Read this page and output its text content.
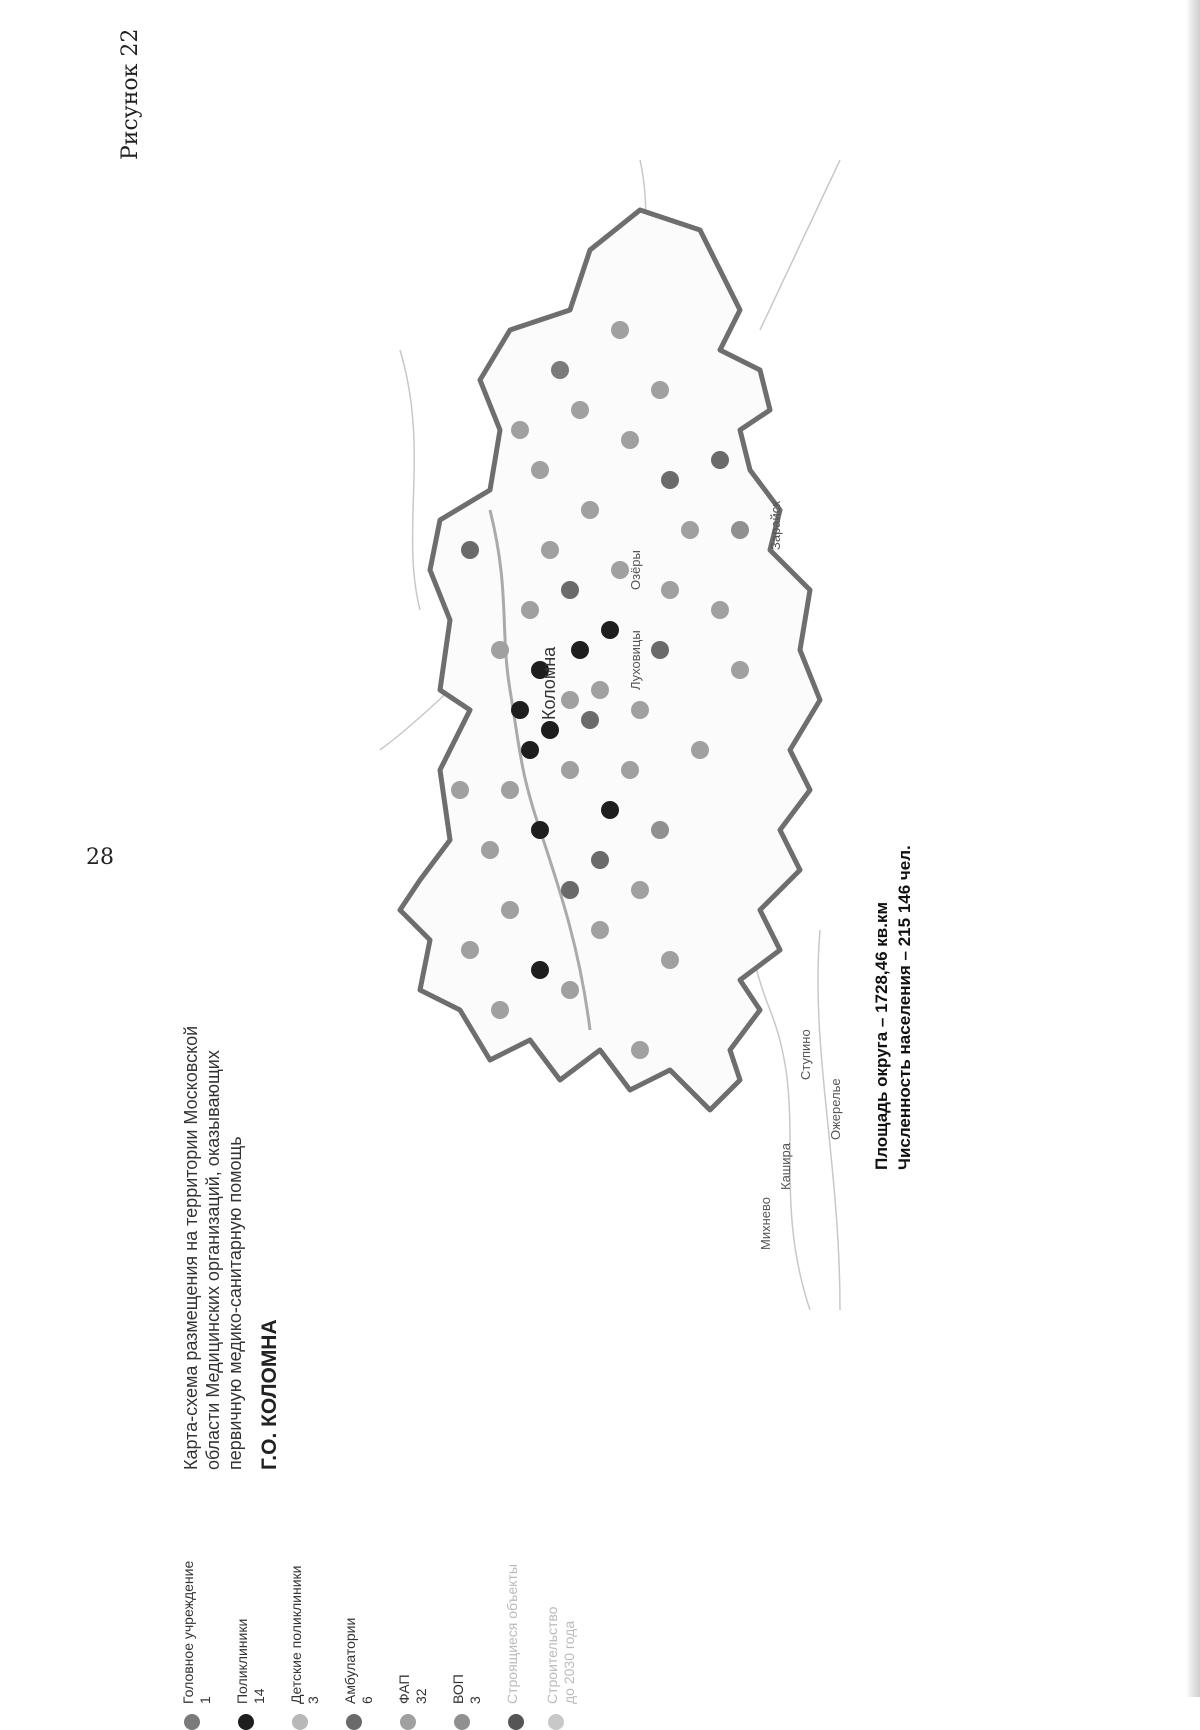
28
Рисунок 22
Головное учреждение 1 Поликлиники 14 Детские поликлиники 3 Амбулатории 6 ФАП 32 ВОП 3 Строящиеся объекты Строительство до 2030 года
Карта-схема размещения на территории Московской области Медицинских организаций, оказывающих первичную медико-санитарную помощь Г.О. КОЛОМНА
Коломна	Луховицы
Зарайск
Ступино
Кашира
Ожерелье
Михнево
Озёры
Площадь округа – 1728,46 кв.км Численность населения – 215 146 чел.
